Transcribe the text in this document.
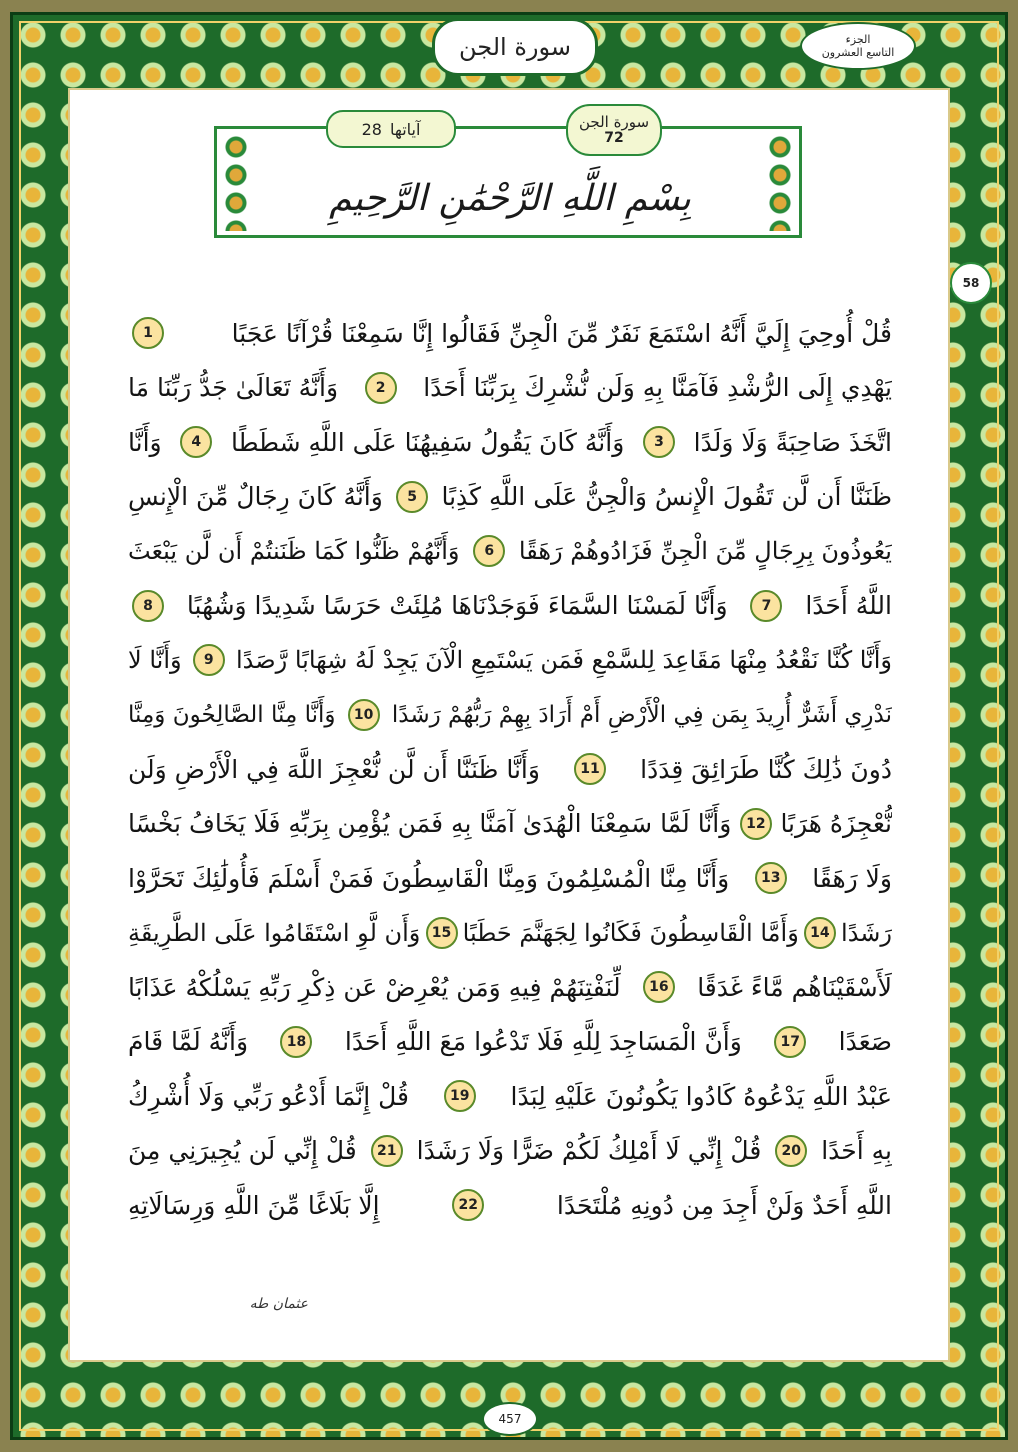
الجزء
التاسع العشرون
سورة الجن
آياتها
28	سورة الجن
72
بِسْمِ اللَّهِ الرَّحْمَٰنِ الرَّحِيمِ
58
قُلْ أُوحِيَ إِلَيَّ أَنَّهُ اسْتَمَعَ نَفَرٌ مِّنَ الْجِنِّ فَقَالُوا إِنَّا سَمِعْنَا قُرْآنًا عَجَبًا
1
يَهْدِي إِلَى الرُّشْدِ فَآمَنَّا بِهِ وَلَن نُّشْرِكَ بِرَبِّنَا أَحَدًا
2
وَأَنَّهُ تَعَالَىٰ جَدُّ رَبِّنَا مَا
اتَّخَذَ صَاحِبَةً وَلَا وَلَدًا
3
وَأَنَّهُ كَانَ يَقُولُ سَفِيهُنَا عَلَى اللَّهِ شَطَطًا
4
وَأَنَّا
ظَنَنَّا أَن لَّن تَقُولَ الْإِنسُ وَالْجِنُّ عَلَى اللَّهِ كَذِبًا
5
وَأَنَّهُ كَانَ رِجَالٌ مِّنَ الْإِنسِ
يَعُوذُونَ بِرِجَالٍ مِّنَ الْجِنِّ فَزَادُوهُمْ رَهَقًا
6
وَأَنَّهُمْ ظَنُّوا كَمَا ظَنَنتُمْ أَن لَّن يَبْعَثَ
اللَّهُ أَحَدًا
7
وَأَنَّا لَمَسْنَا السَّمَاءَ فَوَجَدْنَاهَا مُلِئَتْ حَرَسًا شَدِيدًا وَشُهُبًا
8
وَأَنَّا كُنَّا نَقْعُدُ مِنْهَا مَقَاعِدَ لِلسَّمْعِ فَمَن يَسْتَمِعِ الْآنَ يَجِدْ لَهُ شِهَابًا رَّصَدًا
9
وَأَنَّا لَا
نَدْرِي أَشَرٌّ أُرِيدَ بِمَن فِي الْأَرْضِ أَمْ أَرَادَ بِهِمْ رَبُّهُمْ رَشَدًا
10
وَأَنَّا مِنَّا الصَّالِحُونَ وَمِنَّا
دُونَ ذَٰلِكَ كُنَّا طَرَائِقَ قِدَدًا
11
وَأَنَّا ظَنَنَّا أَن لَّن نُّعْجِزَ اللَّهَ فِي الْأَرْضِ وَلَن
نُّعْجِزَهُ هَرَبًا
12
وَأَنَّا لَمَّا سَمِعْنَا الْهُدَىٰ آمَنَّا بِهِ فَمَن يُؤْمِن بِرَبِّهِ فَلَا يَخَافُ بَخْسًا
وَلَا رَهَقًا
13
وَأَنَّا مِنَّا الْمُسْلِمُونَ وَمِنَّا الْقَاسِطُونَ فَمَنْ أَسْلَمَ فَأُولَٰئِكَ تَحَرَّوْا
رَشَدًا
14
وَأَمَّا الْقَاسِطُونَ فَكَانُوا لِجَهَنَّمَ حَطَبًا
15
وَأَن لَّوِ اسْتَقَامُوا عَلَى الطَّرِيقَةِ
لَأَسْقَيْنَاهُم مَّاءً غَدَقًا
16
لِّنَفْتِنَهُمْ فِيهِ وَمَن يُعْرِضْ عَن ذِكْرِ رَبِّهِ يَسْلُكْهُ عَذَابًا
صَعَدًا
17
وَأَنَّ الْمَسَاجِدَ لِلَّهِ فَلَا تَدْعُوا مَعَ اللَّهِ أَحَدًا
18
وَأَنَّهُ لَمَّا قَامَ
عَبْدُ اللَّهِ يَدْعُوهُ كَادُوا يَكُونُونَ عَلَيْهِ لِبَدًا
19
قُلْ إِنَّمَا أَدْعُو رَبِّي وَلَا أُشْرِكُ
بِهِ أَحَدًا
20
قُلْ إِنِّي لَا أَمْلِكُ لَكُمْ ضَرًّا وَلَا رَشَدًا
21
قُلْ إِنِّي لَن يُجِيرَنِي مِنَ
اللَّهِ أَحَدٌ وَلَنْ أَجِدَ مِن دُونِهِ مُلْتَحَدًا
22
إِلَّا بَلَاغًا مِّنَ اللَّهِ وَرِسَالَاتِهِ
عثمان طه
457
